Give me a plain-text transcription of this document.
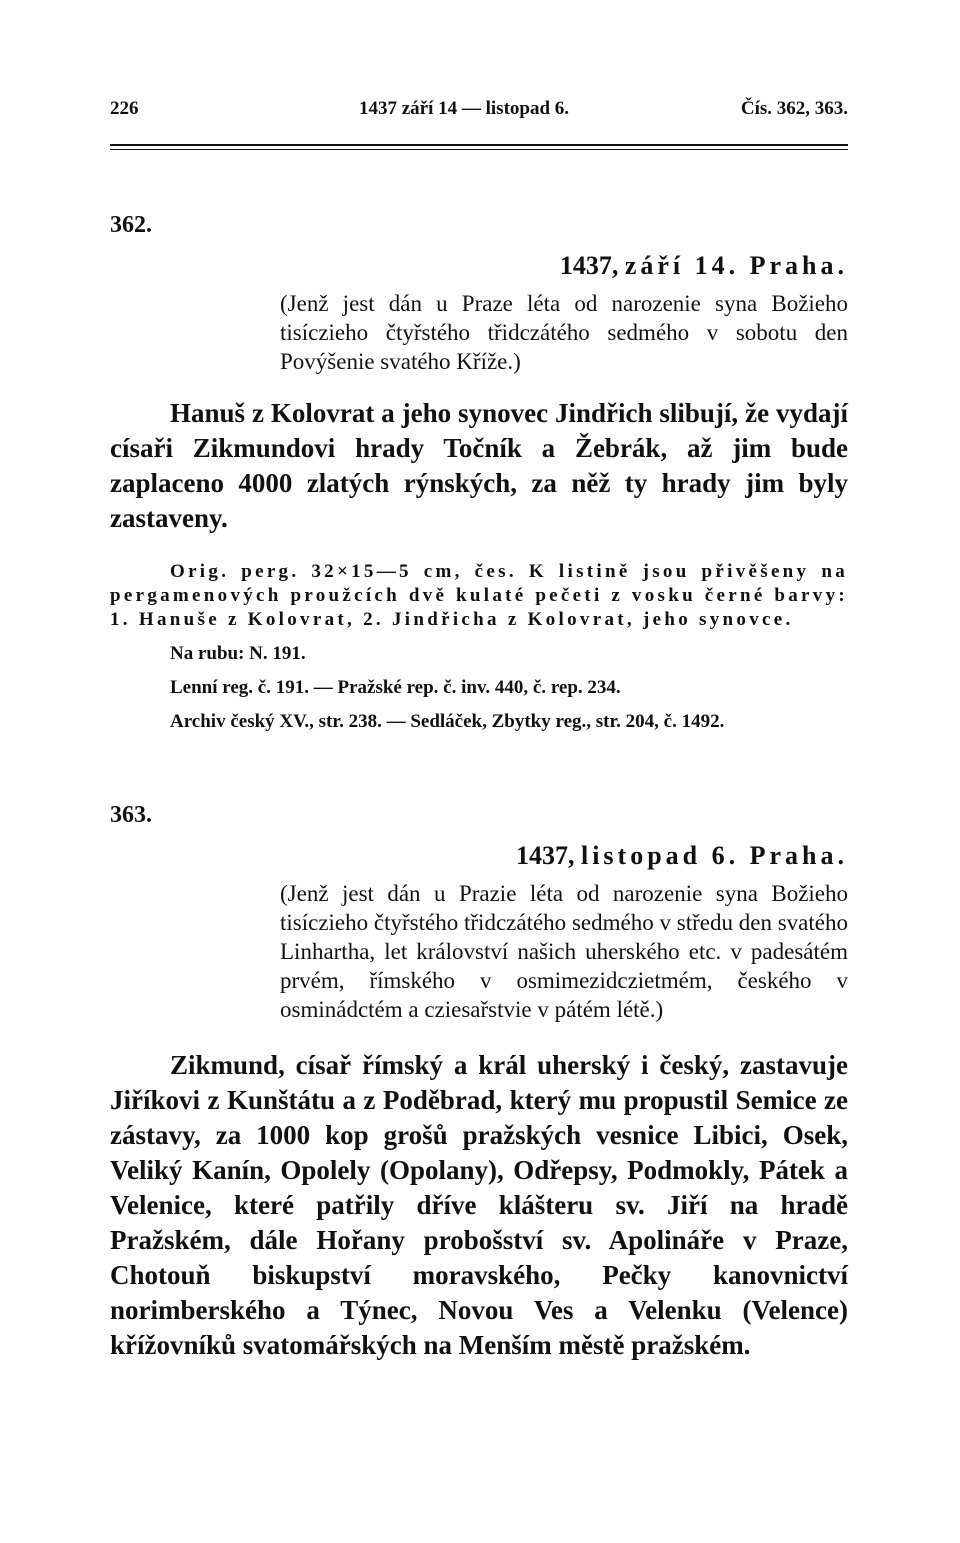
226	1437 září 14 — listopad 6.	Čís. 362, 363.

362.

1437, září 14. Praha.

(Jenž jest dán u Praze léta od narozenie syna Božieho tisíczieho čtyřstého třidczátého sedmého v sobotu den Povýšenie svatého Kříže.)

Hanuš z Kolovrat a jeho synovec Jindřich slibují, že vydají císaři Zikmundovi hrady Točník a Žebrák, až jim bude zaplaceno 4000 zlatých rýnských, za něž ty hrady jim byly zastaveny.

Orig. perg. 32×15—5 cm, čes. K listině jsou přivěšeny na pergamenových proužcích dvě kulaté pečeti z vosku černé barvy: 1. Hanuše z Kolovrat, 2. Jindřicha z Kolovrat, jeho synovce.

Na rubu: N. 191.

Lenní reg. č. 191. — Pražské rep. č. inv. 440, č. rep. 234.

Archiv český XV., str. 238. — Sedláček, Zbytky reg., str. 204, č. 1492.

363.

1437, listopad 6. Praha.

(Jenž jest dán u Prazie léta od narozenie syna Božieho tisíczieho čtyřstého třidczátého sedmého v středu den svatého Linhartha, let království našich uherského etc. v padesátém prvém, římského v osmimezidczietmém, českého v osminádctém a cziesařstvie v pátém létě.)

Zikmund, císař římský a král uherský i český, zastavuje Jiříkovi z Kunštátu a z Poděbrad, který mu propustil Semice ze zástavy, za 1000 kop grošů pražských vesnice Libici, Osek, Veliký Kanín, Opolely (Opolany), Odřepsy, Podmokly, Pátek a Velenice, které patřily dříve klášteru sv. Jiří na hradě Pražském, dále Hořany probošství sv. Apolináře v Praze, Chotouň biskupství moravského, Pečky kanovnictví norimberského a Týnec, Novou Ves a Velenku (Velence) křížovníků svatomářských na Menším městě pražském.
